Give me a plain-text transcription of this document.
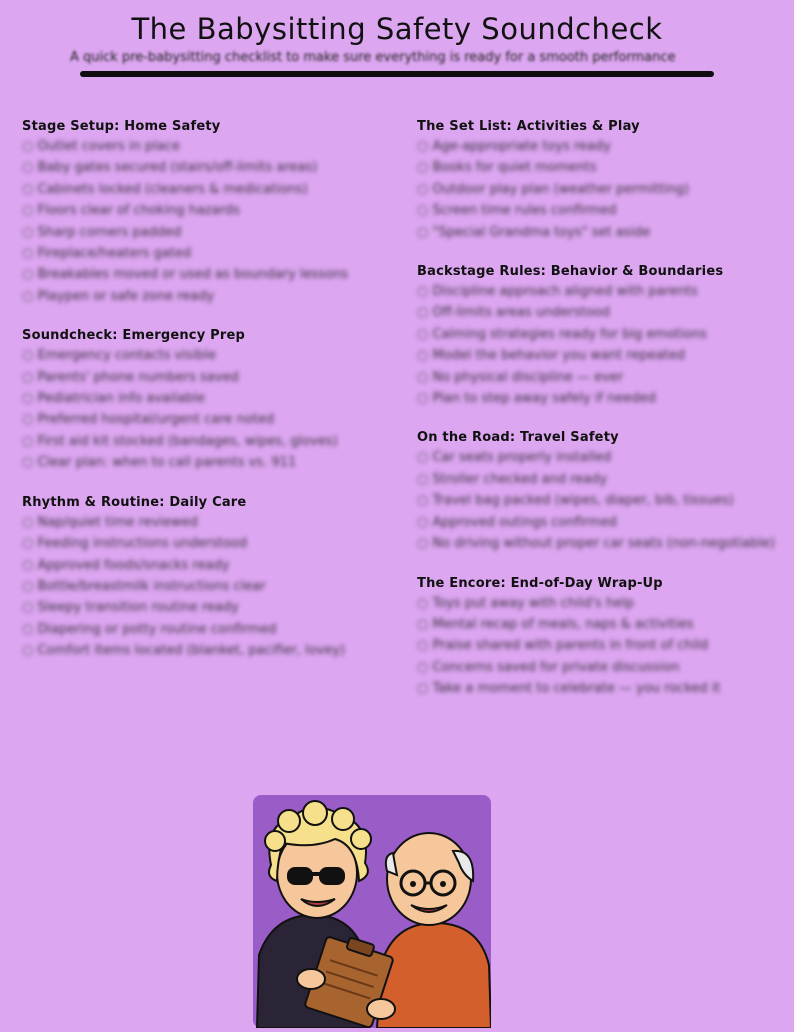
The Babysitting Safety Soundcheck
A quick pre-babysitting checklist to make sure everything is ready for a smooth performance
Stage Setup: Home Safety
○ Outlet covers in place
○ Baby gates secured (stairs/off-limits areas)
○ Cabinets locked (cleaners & medications)
○ Floors clear of choking hazards
○ Sharp corners padded
○ Fireplace/heaters gated
○ Breakables moved or used as boundary lessons
○ Playpen or safe zone ready
Soundcheck: Emergency Prep
○ Emergency contacts visible
○ Parents' phone numbers saved
○ Pediatrician info available
○ Preferred hospital/urgent care noted
○ First aid kit stocked (bandages, wipes, gloves)
○ Clear plan: when to call parents vs. 911
Rhythm & Routine: Daily Care
○ Nap/quiet time reviewed
○ Feeding instructions understood
○ Approved foods/snacks ready
○ Bottle/breastmilk instructions clear
○ Sleepy transition routine ready
○ Diapering or potty routine confirmed
○ Comfort items located (blanket, pacifier, lovey)
The Set List: Activities & Play
○ Age-appropriate toys ready
○ Books for quiet moments
○ Outdoor play plan (weather permitting)
○ Screen time rules confirmed
○ "Special Grandma toys" set aside
Backstage Rules: Behavior & Boundaries
○ Discipline approach aligned with parents
○ Off-limits areas understood
○ Calming strategies ready for big emotions
○ Model the behavior you want repeated
○ No physical discipline — ever
○ Plan to step away safely if needed
On the Road: Travel Safety
○ Car seats properly installed
○ Stroller checked and ready
○ Travel bag packed (wipes, diaper, bib, tissues)
○ Approved outings confirmed
○ No driving without proper car seats (non-negotiable)
The Encore: End-of-Day Wrap-Up
○ Toys put away with child's help
○ Mental recap of meals, naps & activities
○ Praise shared with parents in front of child
○ Concerns saved for private discussion
○ Take a moment to celebrate — you rocked it
